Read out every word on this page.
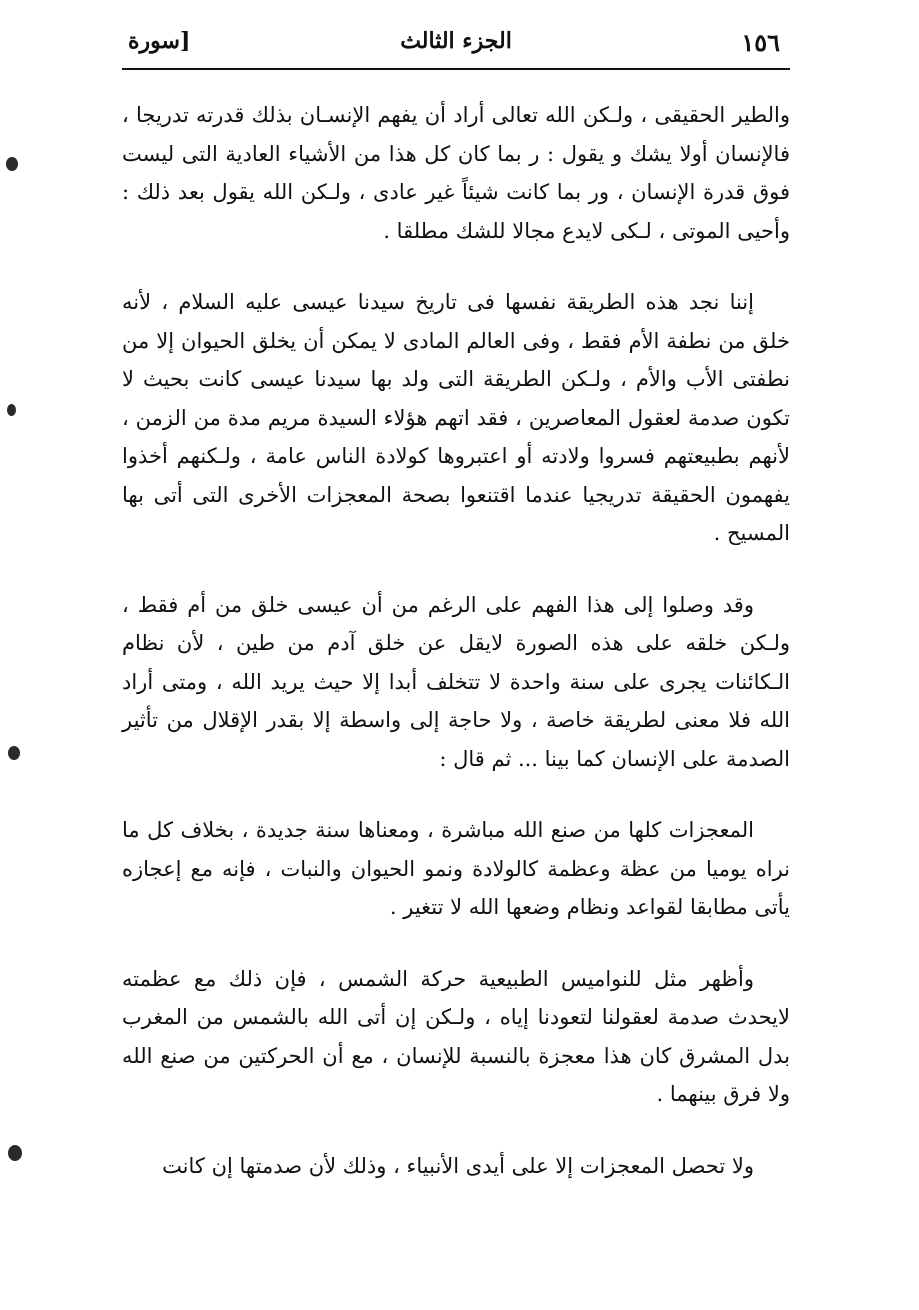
١٥٦
الجزء الثالث
[سورة

والطير الحقيقى ، ولـكن الله تعالى أراد أن يفهم الإنسـان بذلك قدرته تدريجا ، فالإنسان أولا يشك و يقول : ر بما كان كل هذا من الأشياء العادية التى ليست فوق قدرة الإنسان ، ور بما كانت شيئاً غير عادى ، ولـكن الله يقول بعد ذلك : وأحيى الموتى ، لـكى لايدع مجالا للشك مطلقا .

إننا نجد هذه الطريقة نفسها فى تاريخ سيدنا عيسى عليه السلام ، لأنه خلق من نطفة الأم فقط ، وفى العالم المادى لا يمكن أن يخلق الحيوان إلا من نطفتى الأب والأم ، ولـكن الطريقة التى ولد بها سيدنا عيسى كانت بحيث لا تكون صدمة لعقول المعاصرين ، فقد اتهم هؤلاء السيدة مريم مدة من الزمن ، لأنهم بطبيعتهم فسروا ولادته أو اعتبروها كولادة الناس عامة ، ولـكنهم أخذوا يفهمون الحقيقة تدريجيا عندما اقتنعوا بصحة المعجزات الأخرى التى أتى بها المسيح .

وقد وصلوا إلى هذا الفهم على الرغم من أن عيسى خلق من أم فقط ، ولـكن خلقه على هذه الصورة لايقل عن خلق آدم من طين ، لأن نظام الـكائنات يجرى على سنة واحدة لا تتخلف أبدا إلا حيث يريد الله ، ومتى أراد الله فلا معنى لطريقة خاصة ، ولا حاجة إلى واسطة إلا بقدر الإقلال من تأثير الصدمة على الإنسان كما بينا ... ثم قال :

المعجزات كلها من صنع الله مباشرة ، ومعناها سنة جديدة ، بخلاف كل ما نراه يوميا من عظة وعظمة كالولادة ونمو الحيوان والنبات ، فإنه مع إعجازه يأتى مطابقا لقواعد ونظام وضعها الله لا تتغير .

وأظهر مثل للنواميس الطبيعية حركة الشمس ، فإن ذلك مع عظمته لايحدث صدمة لعقولنا لتعودنا إياه ، ولـكن إن أتى الله بالشمس من المغرب بدل المشرق كان هذا معجزة بالنسبة للإنسان ، مع أن الحركتين من صنع الله ولا فرق بينهما .

ولا تحصل المعجزات إلا على أيدى الأنبياء ، وذلك لأن صدمتها إن كانت
